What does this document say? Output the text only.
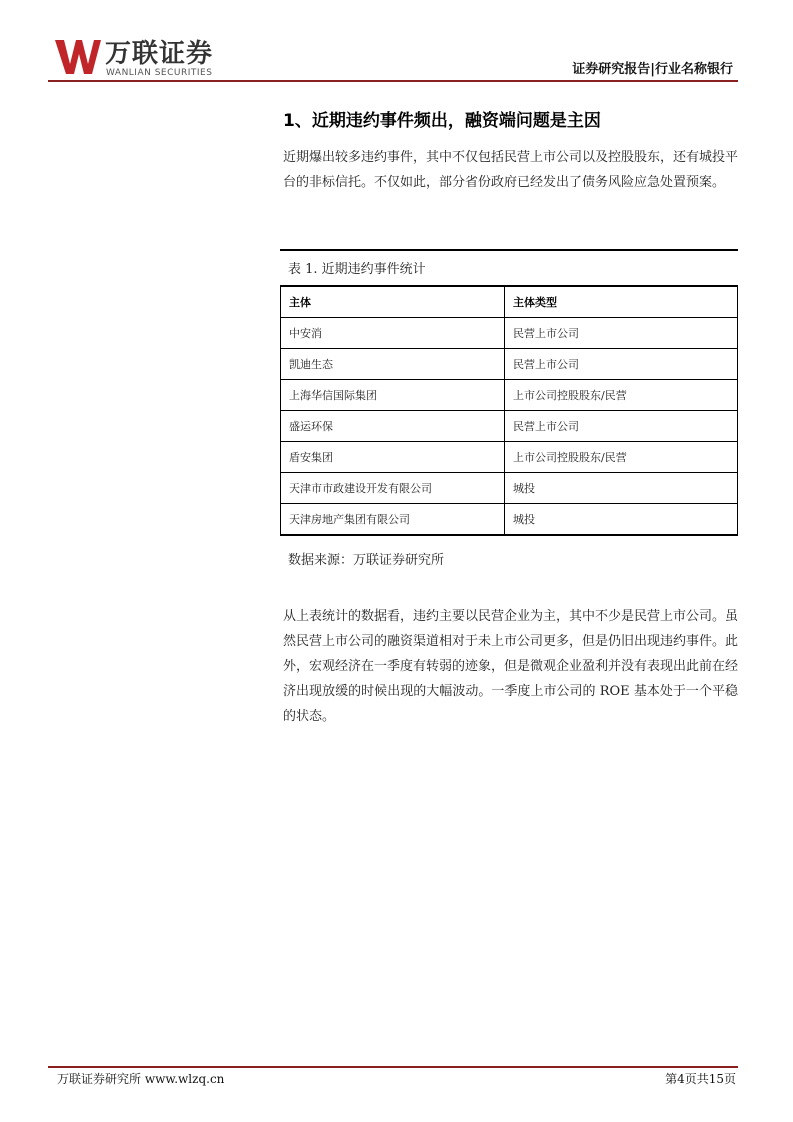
万联证券
WANLIAN SECURITIES	证券研究报告|行业名称银行
1、近期违约事件频出，融资端问题是主因
近期爆出较多违约事件，其中不仅包括民营上市公司以及控股股东，还有城投平台的非标信托。不仅如此，部分省份政府已经发出了债务风险应急处置预案。
表 1. 近期违约事件统计
主体	主体类型
中安消	民营上市公司
凯迪生态	民营上市公司
上海华信国际集团	上市公司控股股东/民营
盛运环保	民营上市公司
盾安集团	上市公司控股股东/民营
天津市市政建设开发有限公司	城投
天津房地产集团有限公司	城投
数据来源：万联证券研究所
从上表统计的数据看，违约主要以民营企业为主，其中不少是民营上市公司。虽然民营上市公司的融资渠道相对于未上市公司更多，但是仍旧出现违约事件。此外，宏观经济在一季度有转弱的迹象，但是微观企业盈利并没有表现出此前在经济出现放缓的时候出现的大幅波动。一季度上市公司的 ROE 基本处于一个平稳的状态。
万联证券研究所 www.wlzq.cn	第4页共15页
